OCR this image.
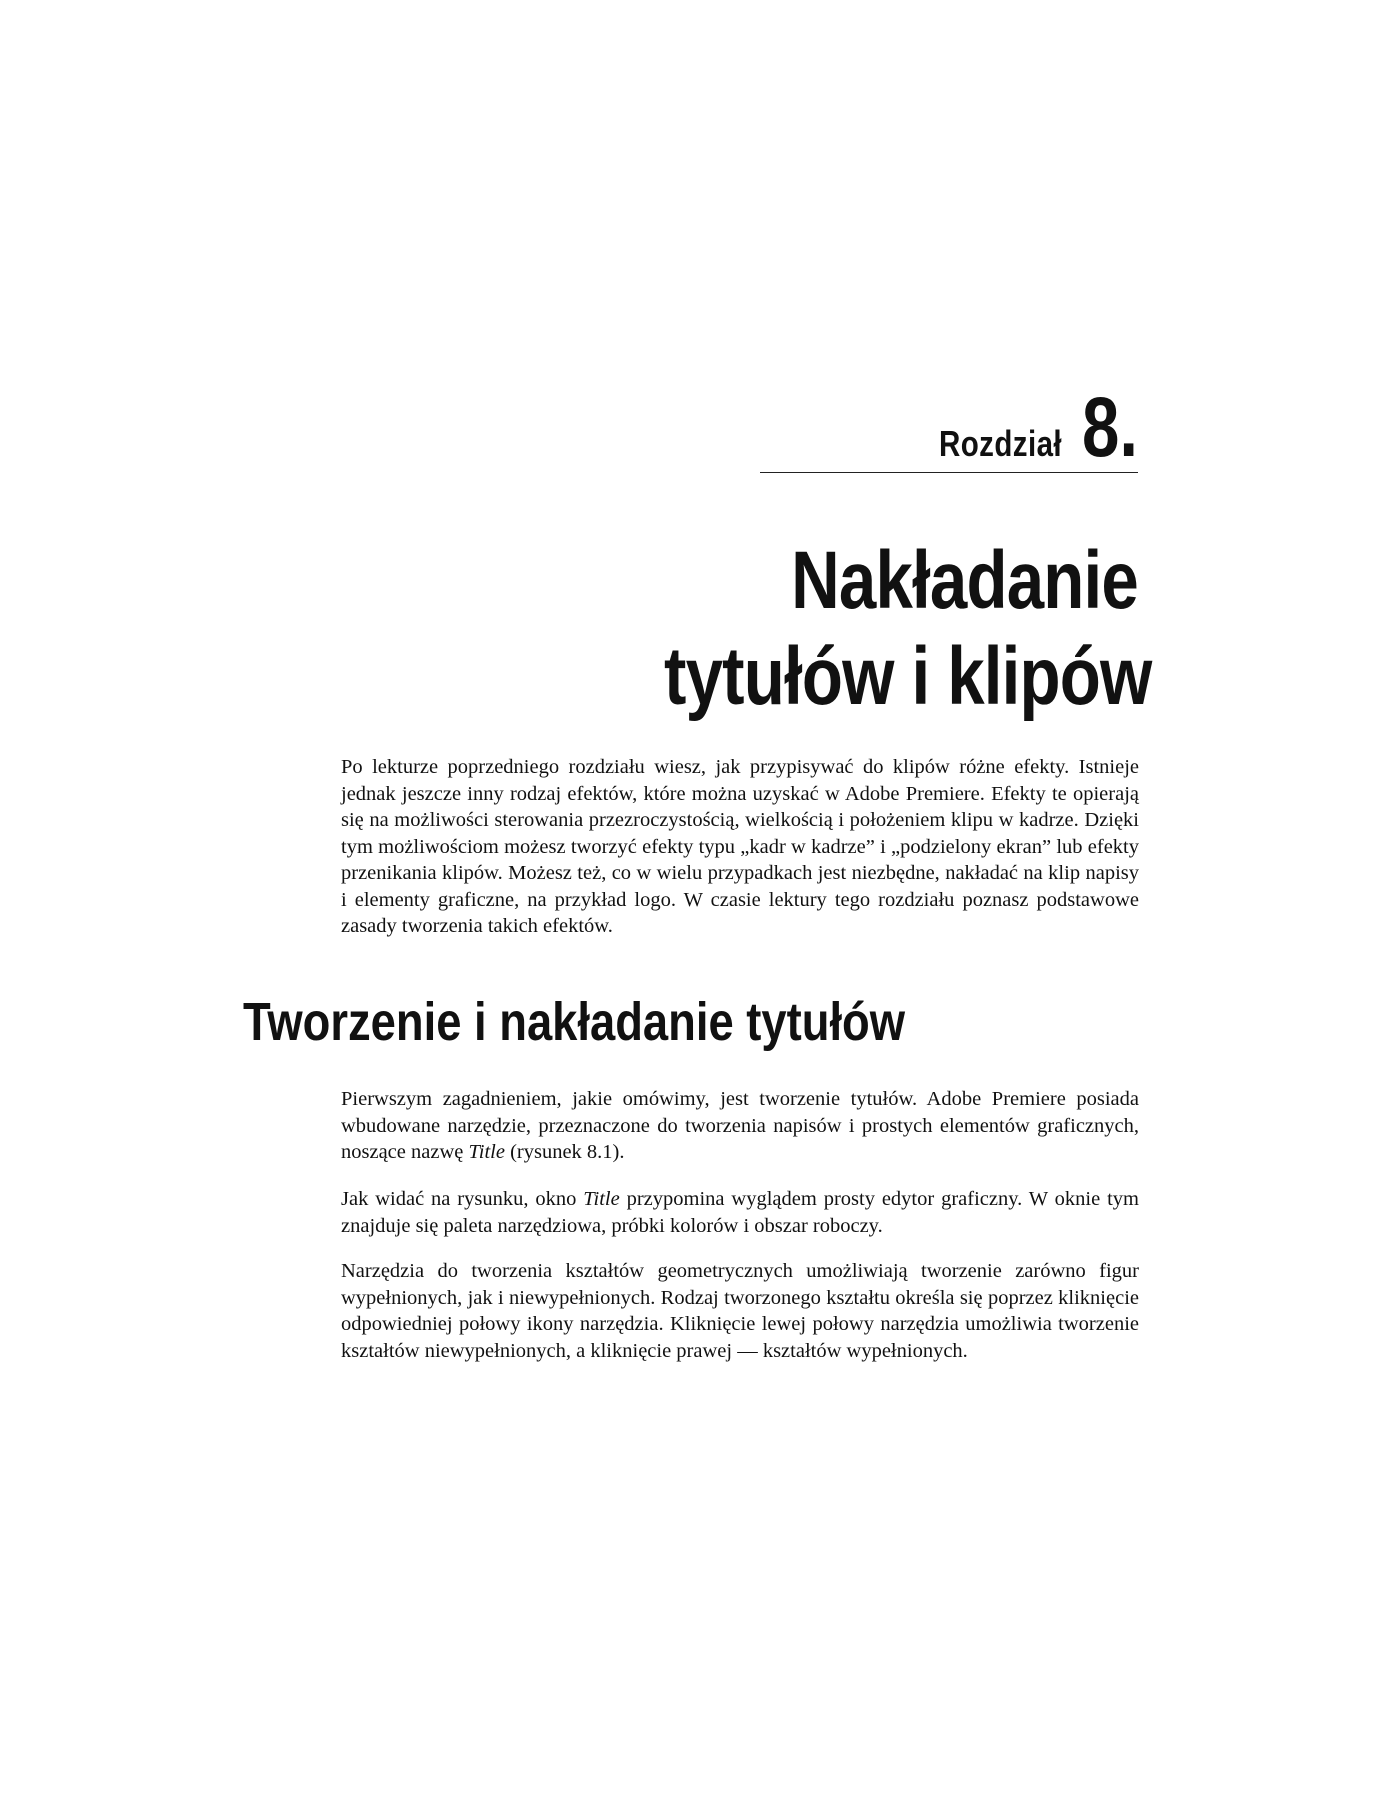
Rozdział 8.
Nakładanie
tytułów i klipów

Po lekturze poprzedniego rozdziału wiesz, jak przypisywać do klipów różne efekty. Istnieje jednak jeszcze inny rodzaj efektów, które można uzyskać w Adobe Premiere. Efekty te opierają się na możliwości sterowania przezroczystością, wielkością i położeniem klipu w kadrze. Dzięki tym możliwościom możesz tworzyć efekty typu „kadr w kadrze” i „podzielony ekran” lub efekty przenikania klipów. Możesz też, co w wielu przypadkach jest niezbędne, nakładać na klip napisy i elementy graficzne, na przykład logo. W czasie lektury tego rozdziału poznasz podstawowe zasady tworzenia takich efektów.

Tworzenie i nakładanie tytułów

Pierwszym zagadnieniem, jakie omówimy, jest tworzenie tytułów. Adobe Premiere posiada wbudowane narzędzie, przeznaczone do tworzenia napisów i prostych elementów graficznych, noszące nazwę Title (rysunek 8.1).

Jak widać na rysunku, okno Title przypomina wyglądem prosty edytor graficzny. W oknie tym znajduje się paleta narzędziowa, próbki kolorów i obszar roboczy.

Narzędzia do tworzenia kształtów geometrycznych umożliwiają tworzenie zarówno figur wypełnionych, jak i niewypełnionych. Rodzaj tworzonego kształtu określa się poprzez kliknięcie odpowiedniej połowy ikony narzędzia. Kliknięcie lewej połowy narzędzia umożliwia tworzenie kształtów niewypełnionych, a kliknięcie prawej — kształtów wypełnionych.
